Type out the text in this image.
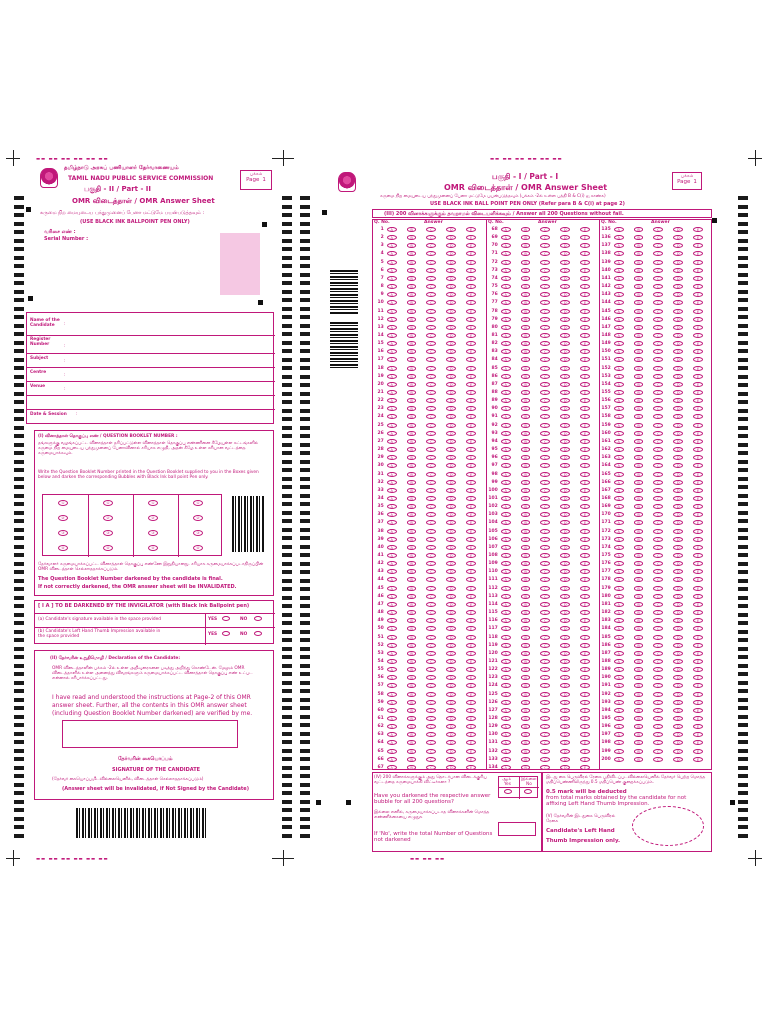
▬▬ ▬▬ ▬▬ ▬▬ ▬▬ ▬▬
தமிழ்நாடு அரசுப் பணியாளர் தேர்வாணையம்
TAMIL NADU PUBLIC SERVICE COMMISSION
பகுதி - II / Part - II
OMR விடைத்தாள் / OMR Answer Sheet
பக்கம்
Page 1
கருமை நிற மையுடைய பந்துமுனைப் பேனா மட்டுமே பயன்படுத்தவும் :
(USE BLACK INK BALLPOINT PEN ONLY)
வரிசை எண் :
Serial Number :
Name of the Candidate	:
Register Number	:
Subject
:
Centre
:
Venue
:
Date & Session :
(I) வினாத்தாள் தொகுப்பு எண் / QUESTION BOOKLET NUMBER :
தங்களுக்கு வழங்கப்பட்ட வினாத்தாள் தரிப்பட்டுள்ள வினாத்தாள் தொகுப்பு எண்ணினை கீழேயுள்ள கட்டங்களில் கருமை நிற மையுடைய பந்துமுனைப் பேனாவினால் சரியாக எழுதி, அதன் கீழே உள்ள சரியான வட்டத்தை கருமையாக்கவும்.
Write the Question Booklet Number printed in the Question Booklet supplied to you in the Boxes given below and darken the corresponding Bubbles with Black Ink ball point Pen only.
①
②
③
④
①
②
③
④
①
②
③
④
①
②
③
④
தேர்வாளர் கருமையாக்கப்பட்ட வினாத்தாள் தொகுப்பு எண்ணே இறுதியானது. சரியாக கருமையாக்கப்படாதிருப்பின் OMR விடைத்தாள் செல்லாததாக்கப்படும்.
The Question Booklet Number darkened by the candidate is final.
If not correctly darkened, the OMR answer sheet will be INVALIDATED.
[ I A ] TO BE DARKENED BY THE INVIGILATOR (with Black Ink Ballpoint pen)
(a) Candidate's signature available in the space provided	YES	NO
(b) Candidate's Left Hand Thumb Impression available in the space provided	YES	NO
(II) தேர்வரின் உறுதிமொழி / Declaration of the Candidate:
OMR விடைத்தாளின் பக்கம் -2ல் உள்ள அறிவுரைகளை படித்து அறிந்து கொண்டேன். மேலும் OMR விடைத்தாளில் உள்ள அனைத்து விவரங்களும் கருமையாக்கப்பட்ட வினாத்தாள் தொகுப்பு எண் உட்பட என்னால் சரிபார்க்கப்பட்டது.
I have read and understood the instructions at Page-2 of this OMR answer sheet. Further, all the contents in this OMR answer sheet (including Question Booklet Number darkened) are verified by me.
தேர்வரின் கையொப்பம்
SIGNATURE OF THE CANDIDATE
(தேர்வர் கையொப்பமிடவில்லையெனில், விடைத்தாள் செல்லாததாக்கப்படும்)
(Answer sheet will be invalidated, if Not Signed by the Candidate)
▬▬ ▬▬ ▬▬ ▬▬ ▬▬ ▬▬
▬▬ ▬▬ ▬▬ ▬▬ ▬▬ ▬▬
பகுதி - I / Part - I
OMR விடைத்தாள் / OMR Answer Sheet
பக்கம்
Page 1
கருமை நிற மையுடைய பந்துமுனைப் பேனா மட்டுமே பயன்படுத்தவும் (பக்கம் -2ல் உள்ள பத்தி B & C(i) ஐ காண்க)
USE BLACK INK BALL POINT PEN ONLY (Refer para B & C(i) at page 2)
(III) 200 வினாக்களுக்கும் தவறாமல் விடையளிக்கவும் / Answer all 200 Questions without fail.
Q. No.	Answer
1	A	B	C	D	E
2	A	B	C	D	E
3	A	B	C	D	E
4	A	B	C	D	E
5	A	B	C	D	E
6	A	B	C	D	E
7	A	B	C	D	E
8	A	B	C	D	E
9	A	B	C	D	E
10	A	B	C	D	E
11	A	B	C	D	E
12	A	B	C	D	E
13	A	B	C	D	E
14	A	B	C	D	E
15	A	B	C	D	E
16	A	B	C	D	E
17	A	B	C	D	E
18	A	B	C	D	E
19	A	B	C	D	E
20	A	B	C	D	E
21	A	B	C	D	E
22	A	B	C	D	E
23	A	B	C	D	E
24	A	B	C	D	E
25	A	B	C	D	E
26	A	B	C	D	E
27	A	B	C	D	E
28	A	B	C	D	E
29	A	B	C	D	E
30	A	B	C	D	E
31	A	B	C	D	E
32	A	B	C	D	E
33	A	B	C	D	E
34	A	B	C	D	E
35	A	B	C	D	E
36	A	B	C	D	E
37	A	B	C	D	E
38	A	B	C	D	E
39	A	B	C	D	E
40	A	B	C	D	E
41	A	B	C	D	E
42	A	B	C	D	E
43	A	B	C	D	E
44	A	B	C	D	E
45	A	B	C	D	E
46	A	B	C	D	E
47	A	B	C	D	E
48	A	B	C	D	E
49	A	B	C	D	E
50	A	B	C	D	E
51	A	B	C	D	E
52	A	B	C	D	E
53	A	B	C	D	E
54	A	B	C	D	E
55	A	B	C	D	E
56	A	B	C	D	E
57	A	B	C	D	E
58	A	B	C	D	E
59	A	B	C	D	E
60	A	B	C	D	E
61	A	B	C	D	E
62	A	B	C	D	E
63	A	B	C	D	E
64	A	B	C	D	E
65	A	B	C	D	E
66	A	B	C	D	E
67	A	B	C	D	E
Q. No.	Answer
68	A	B	C	D	E
69	A	B	C	D	E
70	A	B	C	D	E
71	A	B	C	D	E
72	A	B	C	D	E
73	A	B	C	D	E
74	A	B	C	D	E
75	A	B	C	D	E
76	A	B	C	D	E
77	A	B	C	D	E
78	A	B	C	D	E
79	A	B	C	D	E
80	A	B	C	D	E
81	A	B	C	D	E
82	A	B	C	D	E
83	A	B	C	D	E
84	A	B	C	D	E
85	A	B	C	D	E
86	A	B	C	D	E
87	A	B	C	D	E
88	A	B	C	D	E
89	A	B	C	D	E
90	A	B	C	D	E
91	A	B	C	D	E
92	A	B	C	D	E
93	A	B	C	D	E
94	A	B	C	D	E
95	A	B	C	D	E
96	A	B	C	D	E
97	A	B	C	D	E
98	A	B	C	D	E
99	A	B	C	D	E
100	A	B	C	D	E
101	A	B	C	D	E
102	A	B	C	D	E
103	A	B	C	D	E
104	A	B	C	D	E
105	A	B	C	D	E
106	A	B	C	D	E
107	A	B	C	D	E
108	A	B	C	D	E
109	A	B	C	D	E
110	A	B	C	D	E
111	A	B	C	D	E
112	A	B	C	D	E
113	A	B	C	D	E
114	A	B	C	D	E
115	A	B	C	D	E
116	A	B	C	D	E
117	A	B	C	D	E
118	A	B	C	D	E
119	A	B	C	D	E
120	A	B	C	D	E
121	A	B	C	D	E
122	A	B	C	D	E
123	A	B	C	D	E
124	A	B	C	D	E
125	A	B	C	D	E
126	A	B	C	D	E
127	A	B	C	D	E
128	A	B	C	D	E
129	A	B	C	D	E
130	A	B	C	D	E
131	A	B	C	D	E
132	A	B	C	D	E
133	A	B	C	D	E
134	A	B	C	D	E
Q. No.	Answer
135	A	B	C	D	E
136	A	B	C	D	E
137	A	B	C	D	E
138	A	B	C	D	E
139	A	B	C	D	E
140	A	B	C	D	E
141	A	B	C	D	E
142	A	B	C	D	E
143	A	B	C	D	E
144	A	B	C	D	E
145	A	B	C	D	E
146	A	B	C	D	E
147	A	B	C	D	E
148	A	B	C	D	E
149	A	B	C	D	E
150	A	B	C	D	E
151	A	B	C	D	E
152	A	B	C	D	E
153	A	B	C	D	E
154	A	B	C	D	E
155	A	B	C	D	E
156	A	B	C	D	E
157	A	B	C	D	E
158	A	B	C	D	E
159	A	B	C	D	E
160	A	B	C	D	E
161	A	B	C	D	E
162	A	B	C	D	E
163	A	B	C	D	E
164	A	B	C	D	E
165	A	B	C	D	E
166	A	B	C	D	E
167	A	B	C	D	E
168	A	B	C	D	E
169	A	B	C	D	E
170	A	B	C	D	E
171	A	B	C	D	E
172	A	B	C	D	E
173	A	B	C	D	E
174	A	B	C	D	E
175	A	B	C	D	E
176	A	B	C	D	E
177	A	B	C	D	E
178	A	B	C	D	E
179	A	B	C	D	E
180	A	B	C	D	E
181	A	B	C	D	E
182	A	B	C	D	E
183	A	B	C	D	E
184	A	B	C	D	E
185	A	B	C	D	E
186	A	B	C	D	E
187	A	B	C	D	E
188	A	B	C	D	E
189	A	B	C	D	E
190	A	B	C	D	E
191	A	B	C	D	E
192	A	B	C	D	E
193	A	B	C	D	E
194	A	B	C	D	E
195	A	B	C	D	E
196	A	B	C	D	E
197	A	B	C	D	E
198	A	B	C	D	E
199	A	B	C	D	E
200	A	B	C	D	E
(IV) 200 வினாக்களுக்கும் அது தொடர்பான விடைக்குரிய வட்டத்தை கருமையாக்கி விட்டீர்களா ?
Have you darkened the respective answer bubble for all 200 questions?
ஆம்
Yes
இல்லை
No
இல்லை எனில், கருமையாக்கப்படாத வினாக்களின் மொத்த எண்ணிக்கையை எழுதுக
If 'No', write the total Number of Questions not darkened
இடது கை பெருவிரல் ரேகை பதிவிடப்படவில்லையெனில் தேர்வர் பெற்ற மொத்த மதிப்பெண்ணிலிருந்து 0.5 மதிப்பெண் குறைக்கப்படும்.
0.5 mark will be deducted
from total marks obtained by the candidate for not affixing Left Hand Thumb Impression.
(V) தேர்வரின் இடதுகை பெருவிரல் ரேகை
Candidate's Left Hand Thumb Impression only.
▬▬ ▬▬ ▬▬
